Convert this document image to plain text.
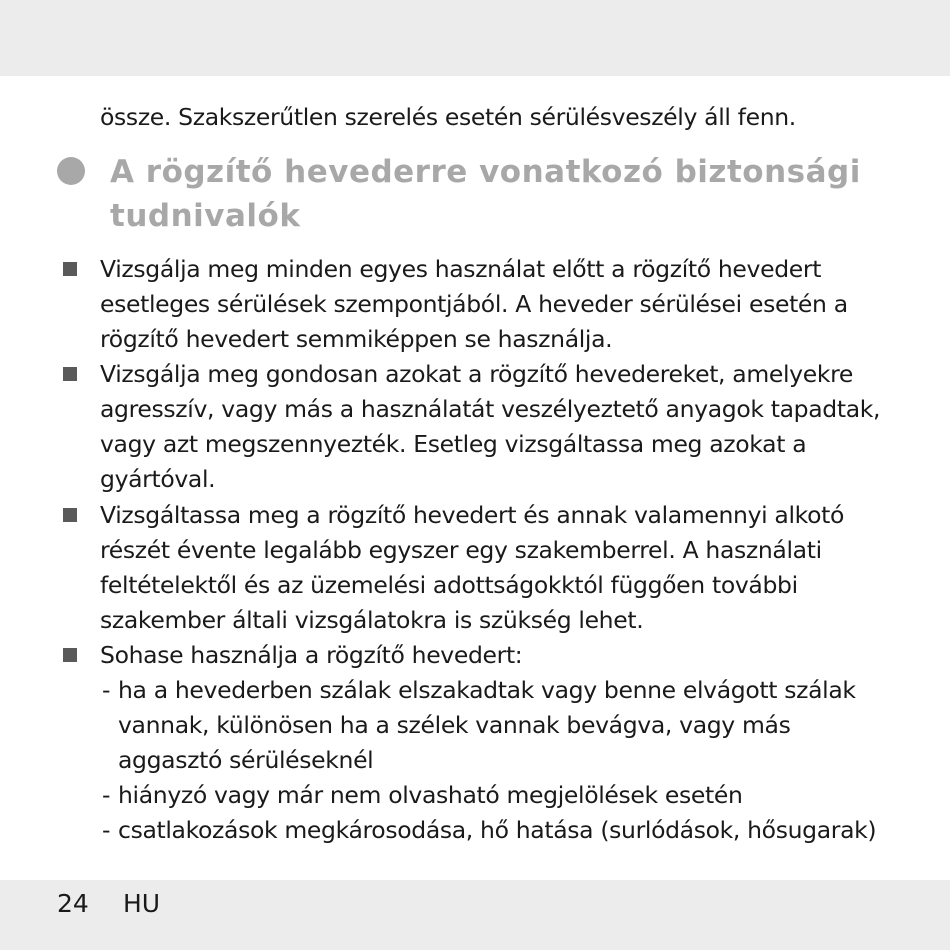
össze. Szakszerűtlen szerelés esetén sérülésveszély áll fenn.
A rögzítő hevederre vonatkozó biztonsági
tudnivalók
Vizsgálja meg minden egyes használat előtt a rögzítő hevedert
esetleges sérülések szempontjából. A heveder sérülései esetén a
rögzítő hevedert semmiképpen se használja.
Vizsgálja meg gondosan azokat a rögzítő hevedereket, amelyekre
agresszív, vagy más a használatát veszélyeztető anyagok tapadtak,
vagy azt megszennyezték. Esetleg vizsgáltassa meg azokat a
gyártóval.
Vizsgáltassa meg a rögzítő hevedert és annak valamennyi alkotó
részét évente legalább egyszer egy szakemberrel. A használati
feltételektől és az üzemelési adottságokktól függően további
szakember általi vizsgálatokra is szükség lehet.
Sohase használja a rögzítő hevedert:
- ha a hevederben szálak elszakadtak vagy benne elvágott szálak
vannak, különösen ha a szélek vannak bevágva, vagy más
aggasztó sérüléseknél
- hiányzó vagy már nem olvasható megjelölések esetén
- csatlakozások megkárosodása, hő hatása (surlódások, hősugarak)
24 HU
